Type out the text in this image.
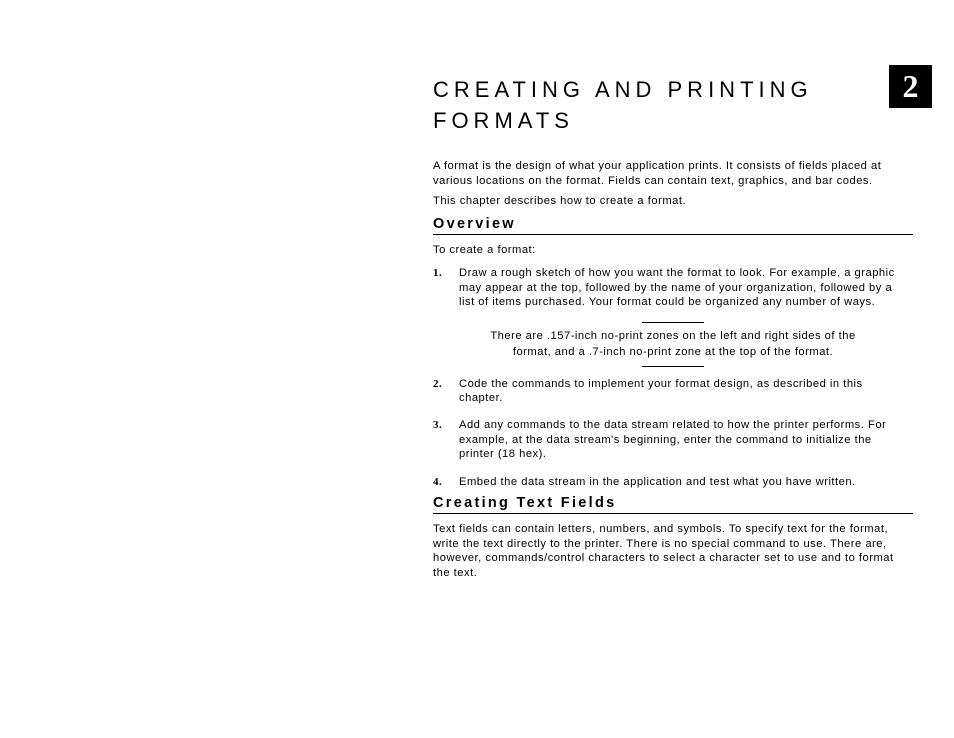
2
CREATING AND PRINTING FORMATS

A format is the design of what your application prints. It consists of fields placed at various locations on the format. Fields can contain text, graphics, and bar codes.

This chapter describes how to create a format.

Overview

To create a format:

1.	Draw a rough sketch of how you want the format to look. For example, a graphic may appear at the top, followed by the name of your organization, followed by a list of items purchased. Your format could be organized any number of ways.
There are .157-inch no-print zones on the left and right sides of the format, and a .7-inch no-print zone at the top of the format.
2.	Code the commands to implement your format design, as described in this chapter.
3.	Add any commands to the data stream related to how the printer performs. For example, at the data stream's beginning, enter the command to initialize the printer (18 hex).
4.	Embed the data stream in the application and test what you have written.
Creating Text Fields

Text fields can contain letters, numbers, and symbols. To specify text for the format, write the text directly to the printer. There is no special command to use. There are, however, commands/control characters to select a character set to use and to format the text.
